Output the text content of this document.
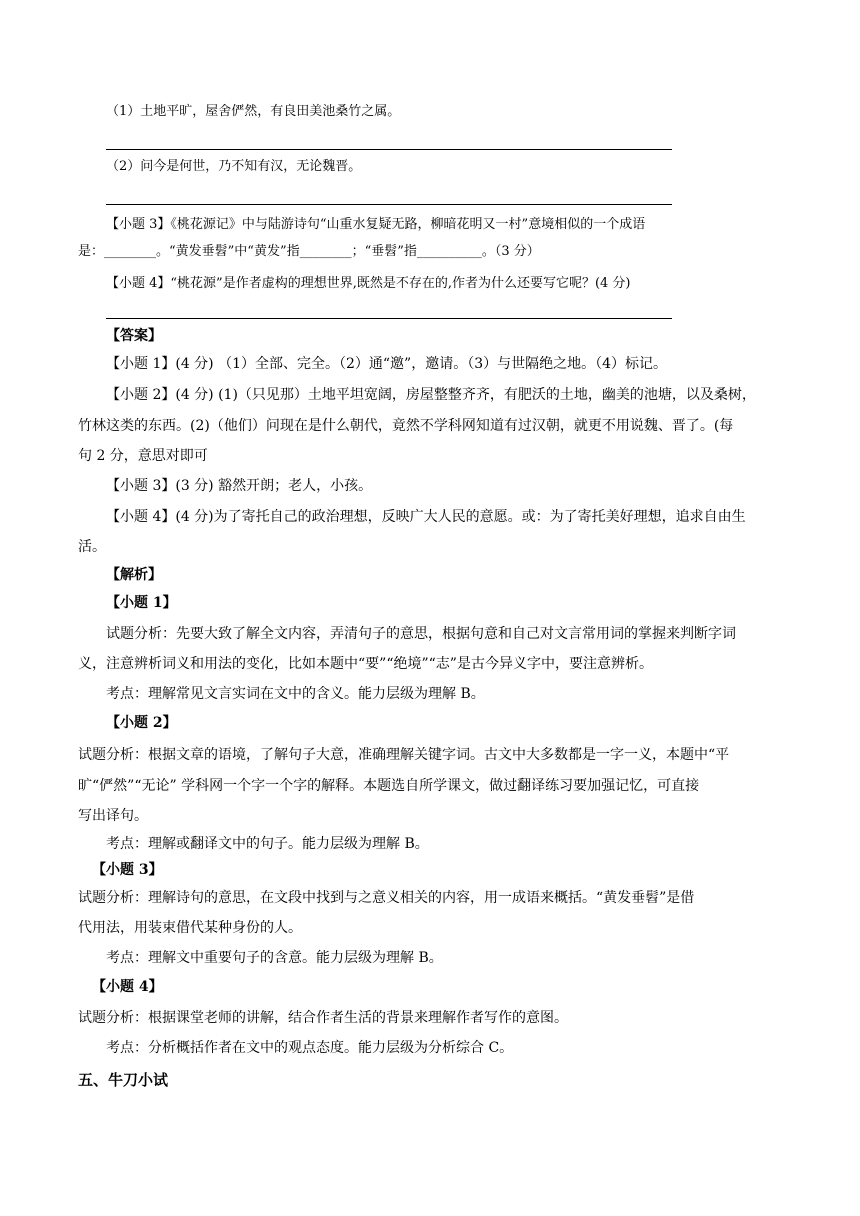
（1）土地平旷，屋舍俨然，有良田美池桑竹之属。
（2）问今是何世，乃不知有汉，无论魏晋。
【小题 3】《桃花源记》中与陆游诗句“山重水复疑无路，柳暗花明又一村”意境相似的一个成语
是：________。“黄发垂髫”中“黄发”指________；“垂髫”指__________。（3 分）
【小题 4】“桃花源”是作者虚构的理想世界,既然是不存在的,作者为什么还要写它呢？(4 分)
【答案】
【小题 1】(4 分) （1）全部、完全。（2）通“邀”，邀请。（3）与世隔绝之地。（4）标记。
【小题 2】(4 分) (1)（只见那）土地平坦宽阔，房屋整整齐齐，有肥沃的土地，幽美的池塘，以及桑树，
竹林这类的东西。(2)（他们）问现在是什么朝代，竟然不学科网知道有过汉朝，就更不用说魏、晋了。(每
句 2 分，意思对即可
【小题 3】(3 分) 豁然开朗；老人，小孩。
【小题 4】(4 分)为了寄托自己的政治理想，反映广大人民的意愿。或：为了寄托美好理想，追求自由生
活。
【解析】
【小题 1】
试题分析：先要大致了解全文内容，弄清句子的意思，根据句意和自己对文言常用词的掌握来判断字词
义，注意辨析词义和用法的变化，比如本题中“要”“绝境”“志”是古今异义字中，要注意辨析。
考点：理解常见文言实词在文中的含义。能力层级为理解 B。
【小题 2】
试题分析：根据文章的语境，了解句子大意，准确理解关键字词。古文中大多数都是一字一义，本题中“平
旷“俨然”“无论” 学科网一个字一个字的解释。本题选自所学课文，做过翻译练习要加强记忆，可直接
写出译句。
考点：理解或翻译文中的句子。能力层级为理解 B。
【小题 3】
试题分析：理解诗句的意思，在文段中找到与之意义相关的内容，用一成语来概括。“黄发垂髫”是借
代用法，用装束借代某种身份的人。
考点：理解文中重要句子的含意。能力层级为理解 B。
【小题 4】
试题分析：根据课堂老师的讲解，结合作者生活的背景来理解作者写作的意图。
考点：分析概括作者在文中的观点态度。能力层级为分析综合 C。
五、牛刀小试
